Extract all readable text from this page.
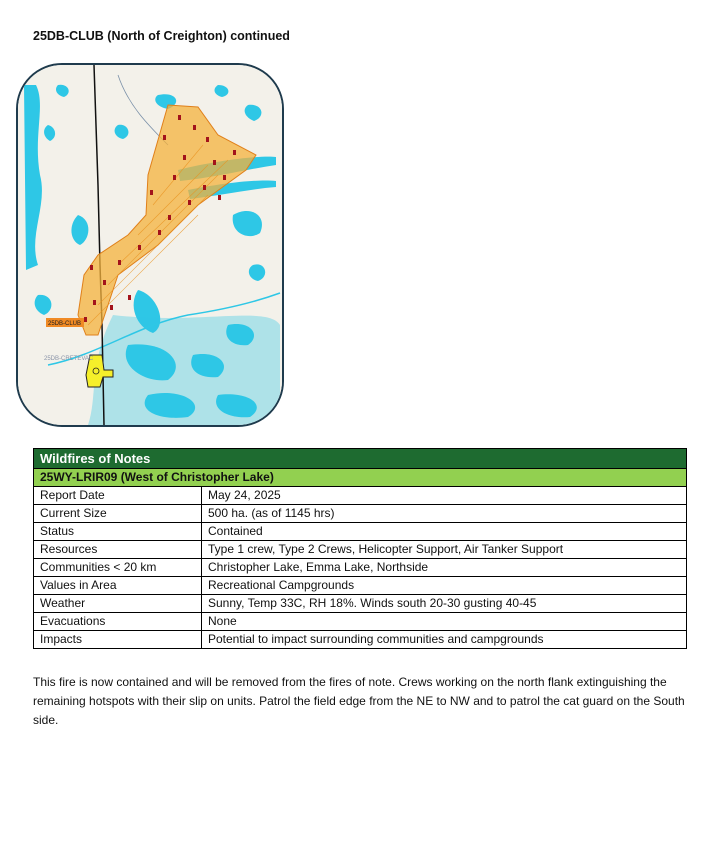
25DB-CLUB (North of Creighton) continued
25DB-CLUB
25DB-CRETEVAC
Wildfires of Notes	
25WY-LRIR09 (West of Christopher Lake)	
Report Date	May 24, 2025
Current Size	500 ha. (as of 1145 hrs)
Status	Contained
Resources	Type 1 crew, Type 2 Crews, Helicopter Support, Air Tanker Support
Communities < 20 km	Christopher Lake, Emma Lake, Northside
Values in Area	Recreational Campgrounds
Weather	Sunny, Temp 33C, RH 18%. Winds south 20-30 gusting 40-45
Evacuations	None
Impacts	Potential to impact surrounding communities and campgrounds
This fire is now contained and will be removed from the fires of note. Crews working on the north flank extinguishing the remaining hotspots with their slip on units. Patrol the field edge from the NE to NW and to patrol the cat guard on the South side.
